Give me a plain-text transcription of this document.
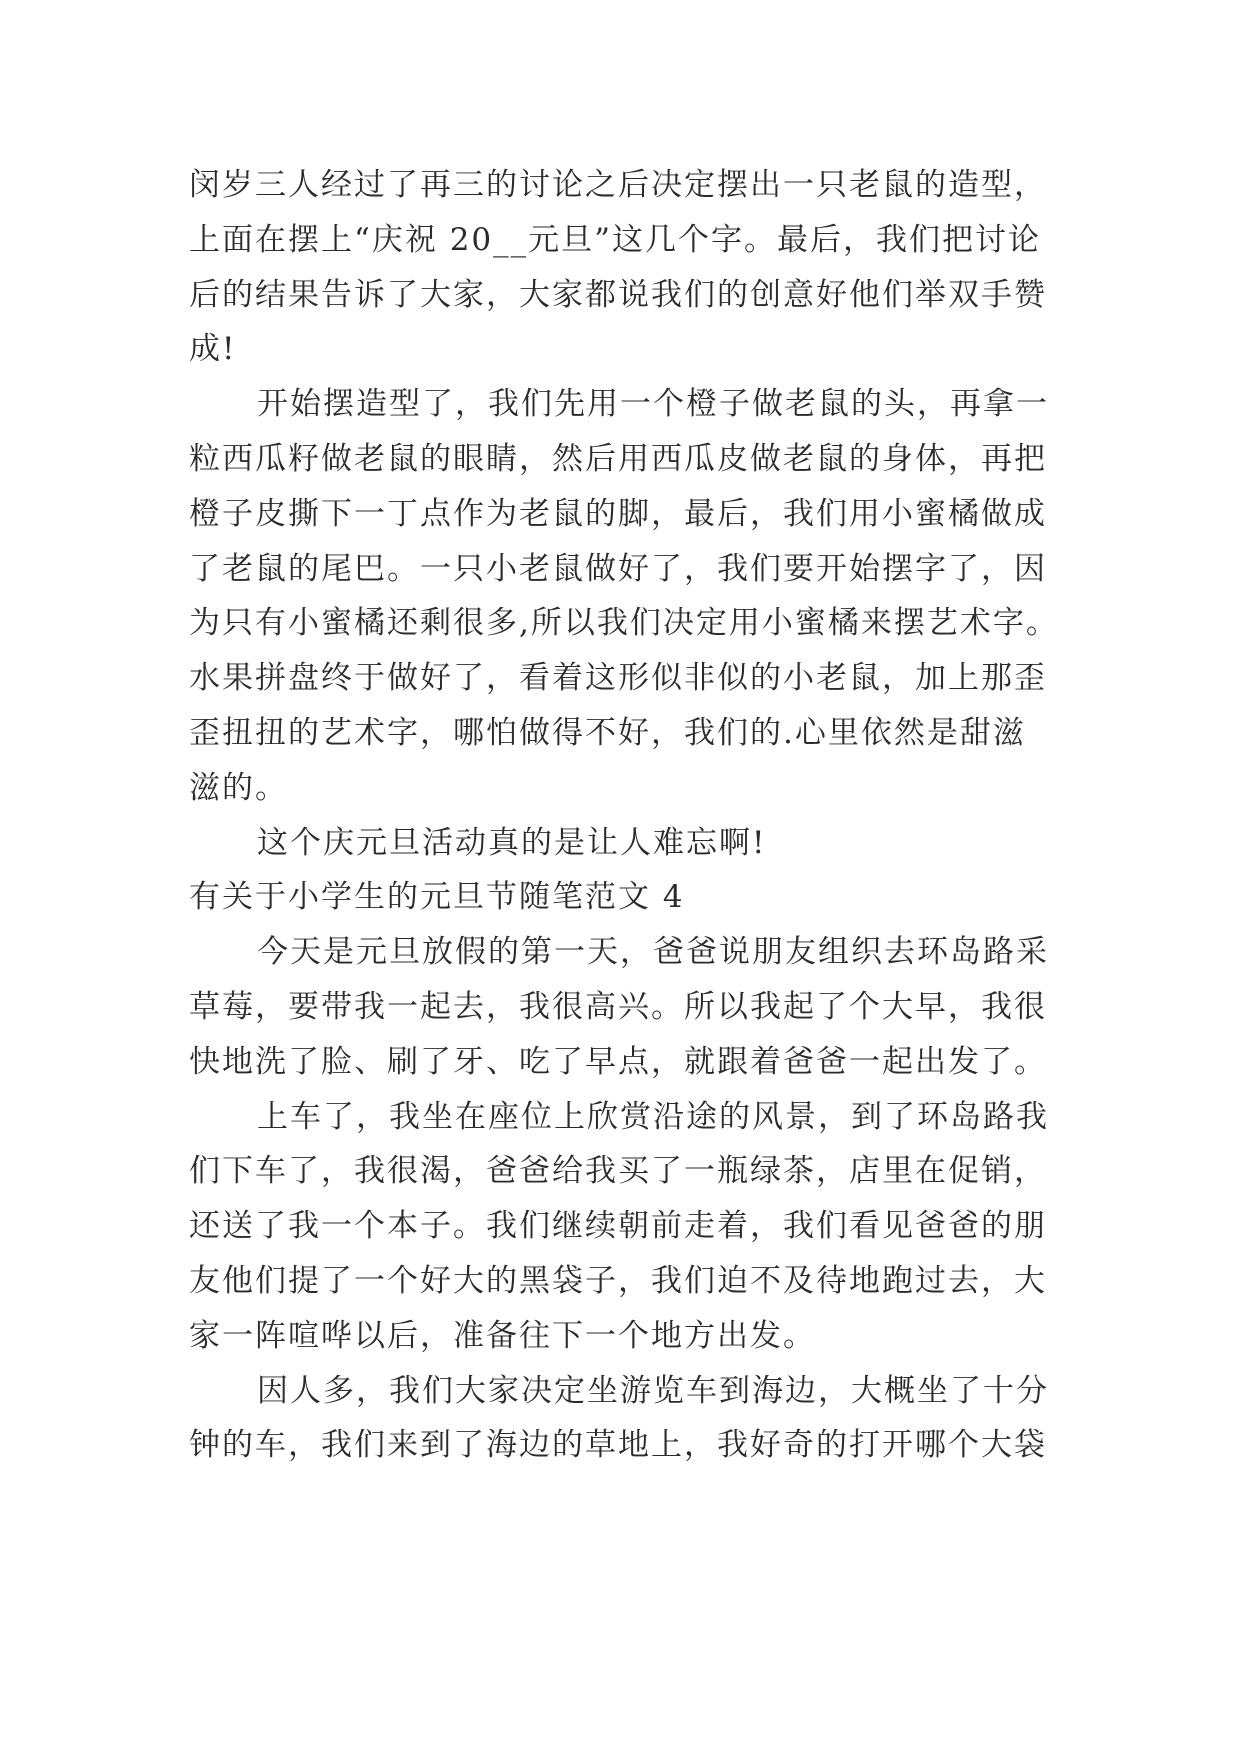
闵岁三人经过了再三的讨论之后决定摆出一只老鼠的造型，
上面在摆上“庆祝 20__元旦”这几个字。最后，我们把讨论
后的结果告诉了大家，大家都说我们的创意好他们举双手赞
成!
开始摆造型了，我们先用一个橙子做老鼠的头，再拿一
粒西瓜籽做老鼠的眼睛，然后用西瓜皮做老鼠的身体，再把
橙子皮撕下一丁点作为老鼠的脚，最后，我们用小蜜橘做成
了老鼠的尾巴。一只小老鼠做好了，我们要开始摆字了，因
为只有小蜜橘还剩很多,所以我们决定用小蜜橘来摆艺术字。
水果拼盘终于做好了，看着这形似非似的小老鼠，加上那歪
歪扭扭的艺术字，哪怕做得不好，我们的.心里依然是甜滋
滋的。
这个庆元旦活动真的是让人难忘啊!
有关于小学生的元旦节随笔范文 4
今天是元旦放假的第一天，爸爸说朋友组织去环岛路采
草莓，要带我一起去，我很高兴。所以我起了个大早，我很
快地洗了脸、刷了牙、吃了早点，就跟着爸爸一起出发了。
上车了，我坐在座位上欣赏沿途的风景，到了环岛路我
们下车了，我很渴，爸爸给我买了一瓶绿茶，店里在促销，
还送了我一个本子。我们继续朝前走着，我们看见爸爸的朋
友他们提了一个好大的黑袋子，我们迫不及待地跑过去，大
家一阵喧哗以后，准备往下一个地方出发。
因人多，我们大家决定坐游览车到海边，大概坐了十分
钟的车，我们来到了海边的草地上，我好奇的打开哪个大袋
